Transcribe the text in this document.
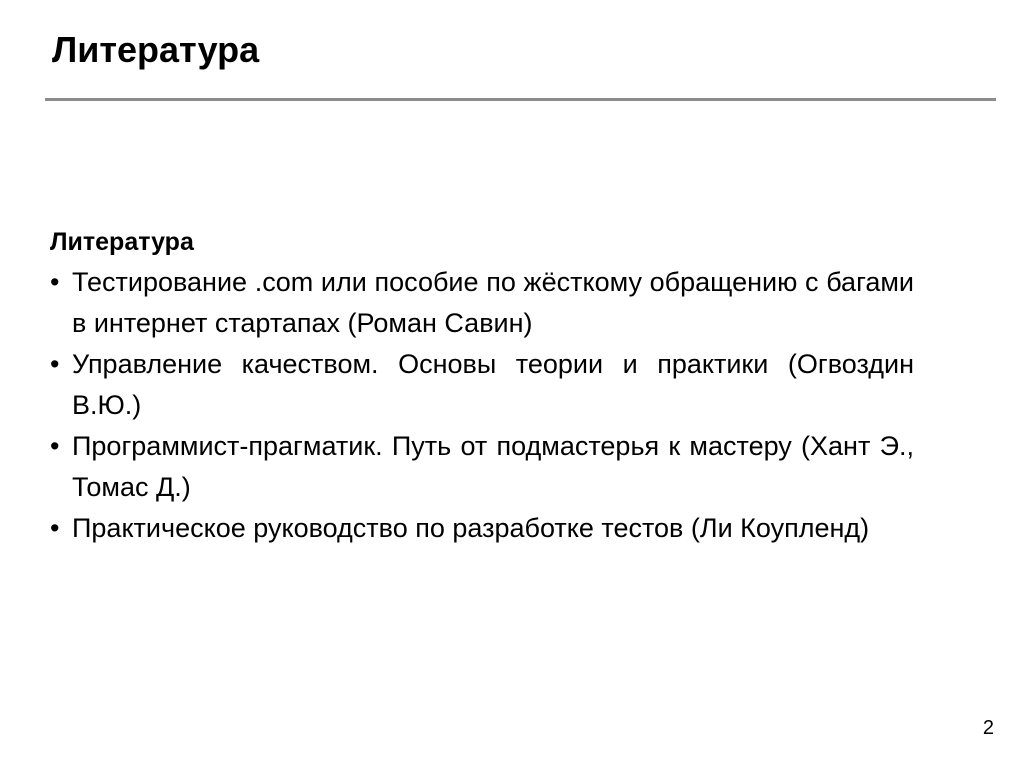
Литература
Литература
• Тестирование .com или пособие по жёсткому обращению с багами в интернет стартапах (Роман Савин)
• Управление качеством. Основы теории и практики (Огвоздин В.Ю.)
• Программист-прагматик. Путь от подмастерья к мастеру (Хант Э., Томас Д.)
• Практическое руководство по разработке тестов (Ли Коупленд)
2
